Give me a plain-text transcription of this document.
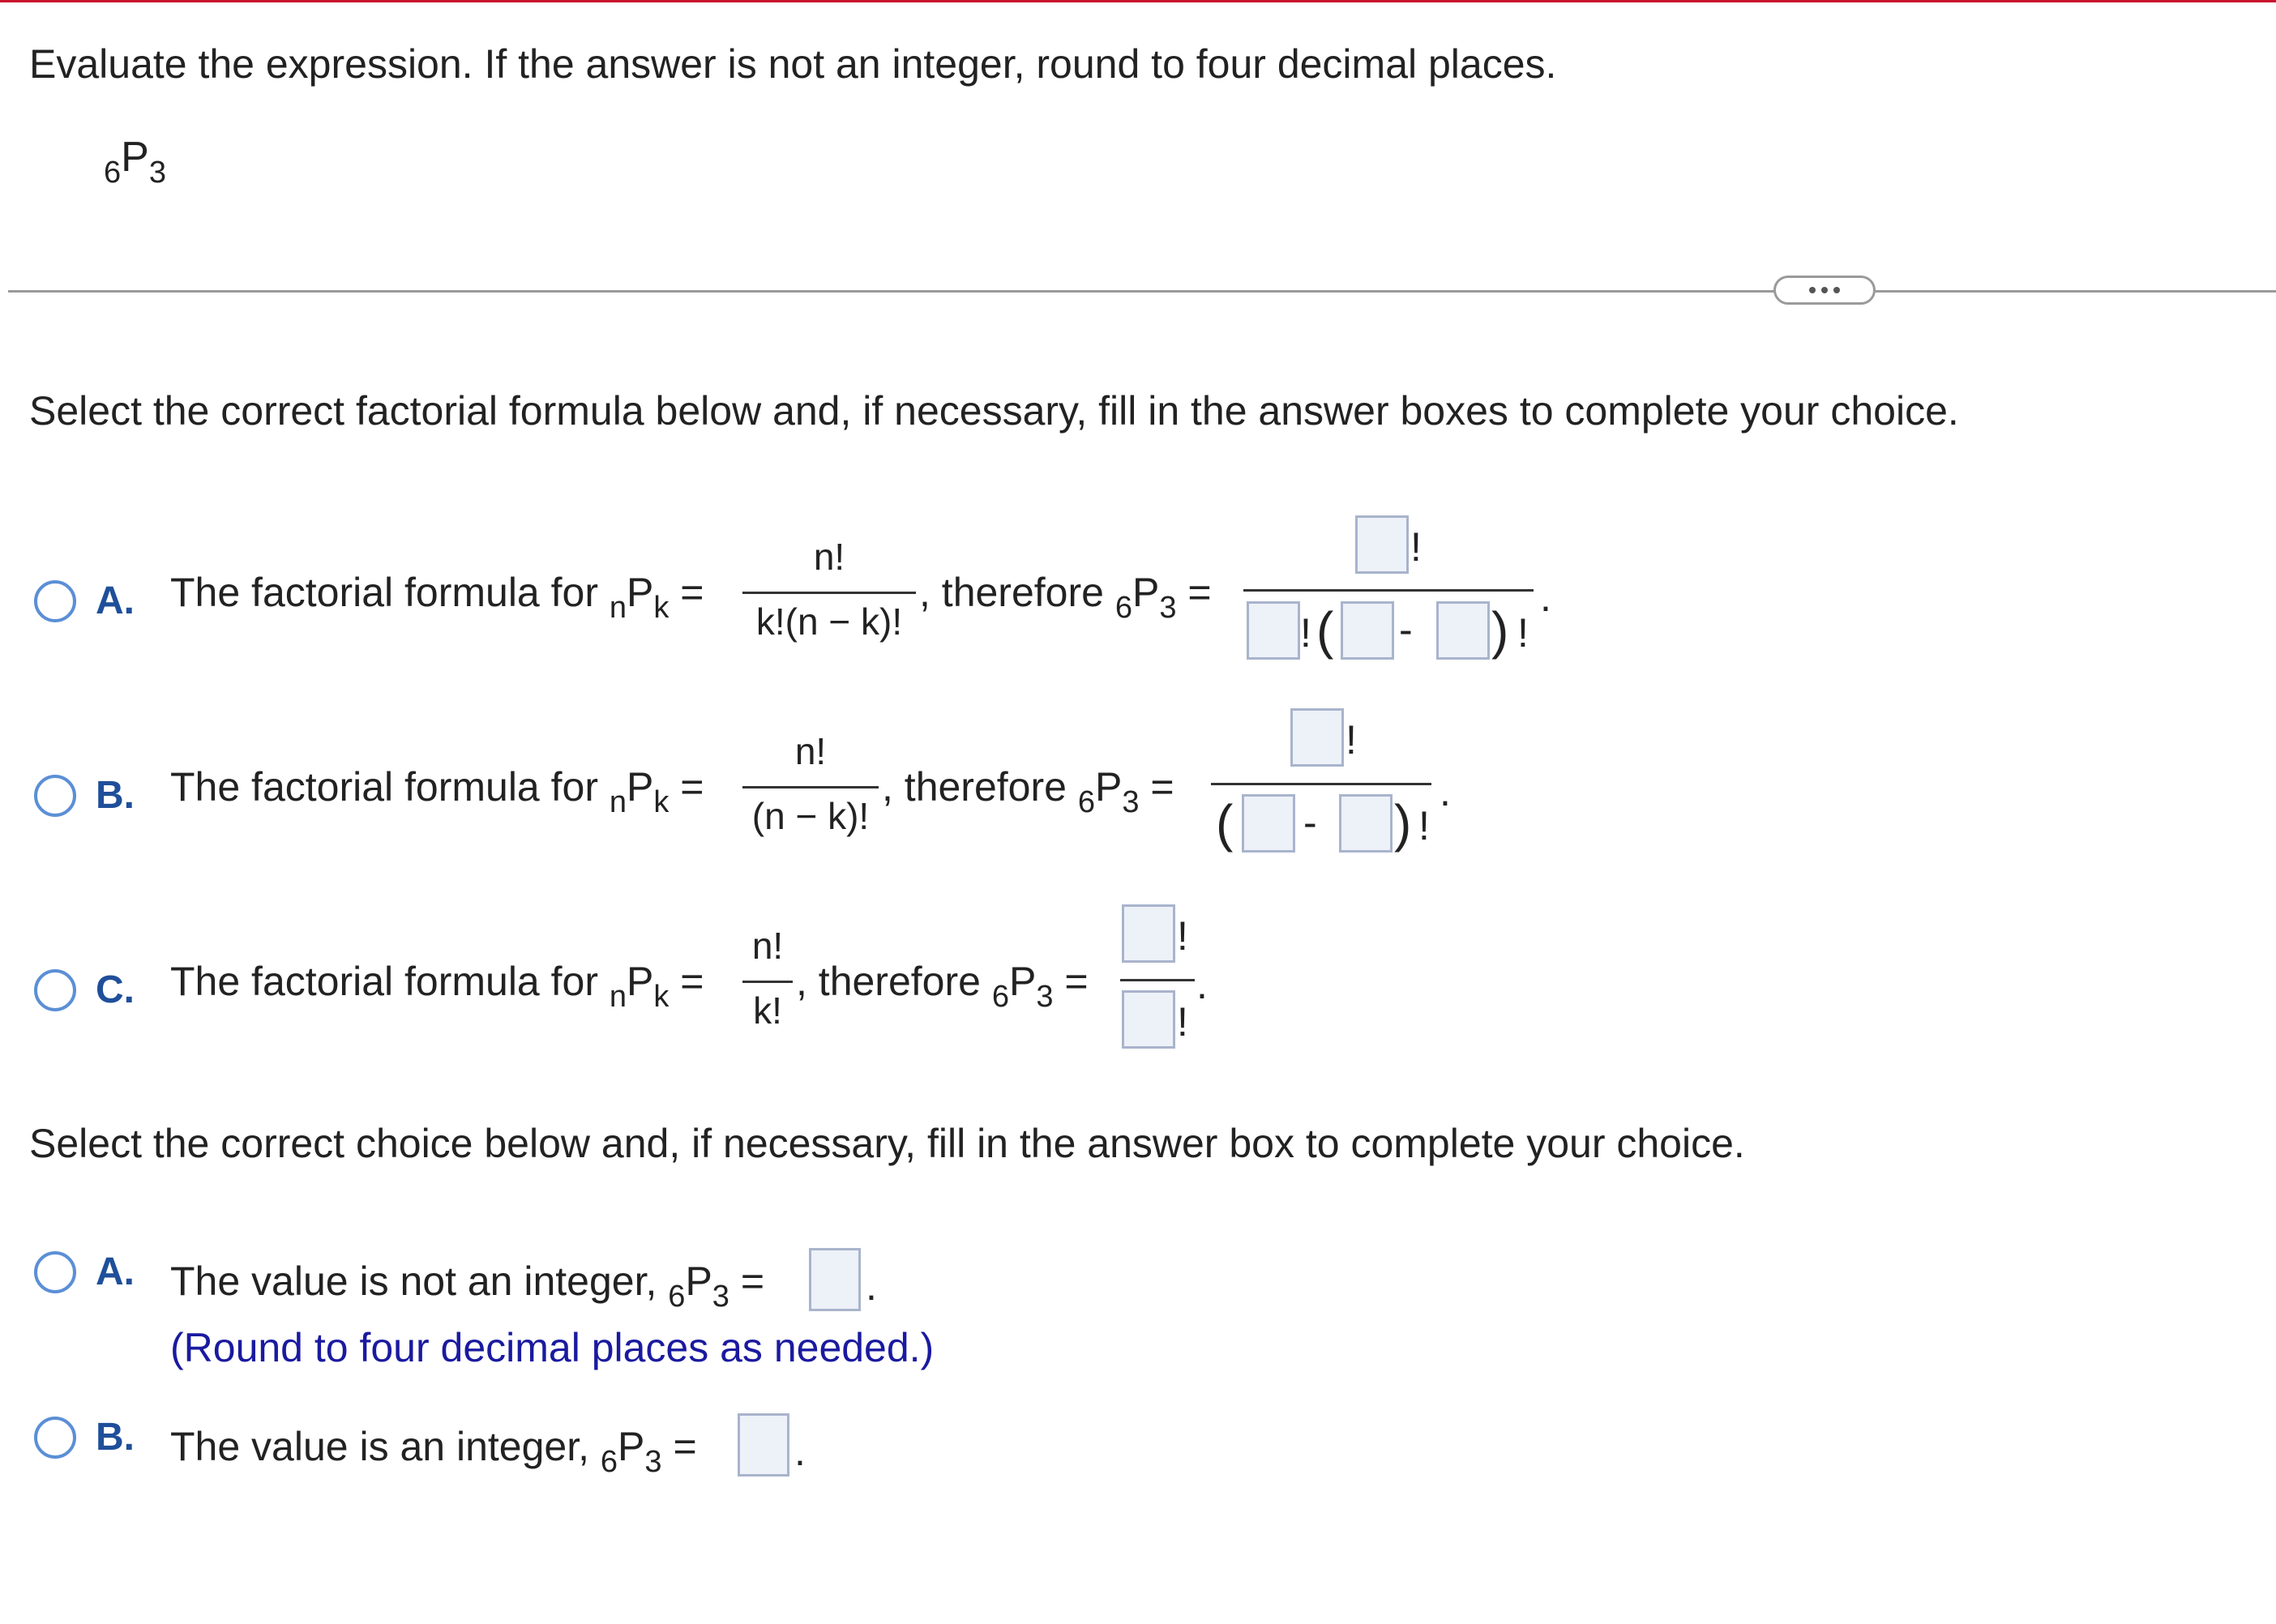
Evaluate the expression. If the answer is not an integer, round to four decimal places.
$_6P_3$
Select the correct factorial formula below and, if necessary, fill in the answer boxes to complete your choice.
A. The factorial formula for $_nP_k$ =
n!
k!(n − k)!
, therefore $_6P_3$ =
!
! ( - ) !
.
B. The factorial formula for $_nP_k$ =
n!
(n − k)!
, therefore $_6P_3$ =
!
( - ) !
.
C. The factorial formula for $_nP_k$ =
n!
k!
, therefore $_6P_3$ =
!
!
.
Select the correct choice below and, if necessary, fill in the answer box to complete your choice.
A. The value is not an integer, $_6P_3$ = .
(Round to four decimal places as needed.)
B. The value is an integer, $_6P_3$ = .
